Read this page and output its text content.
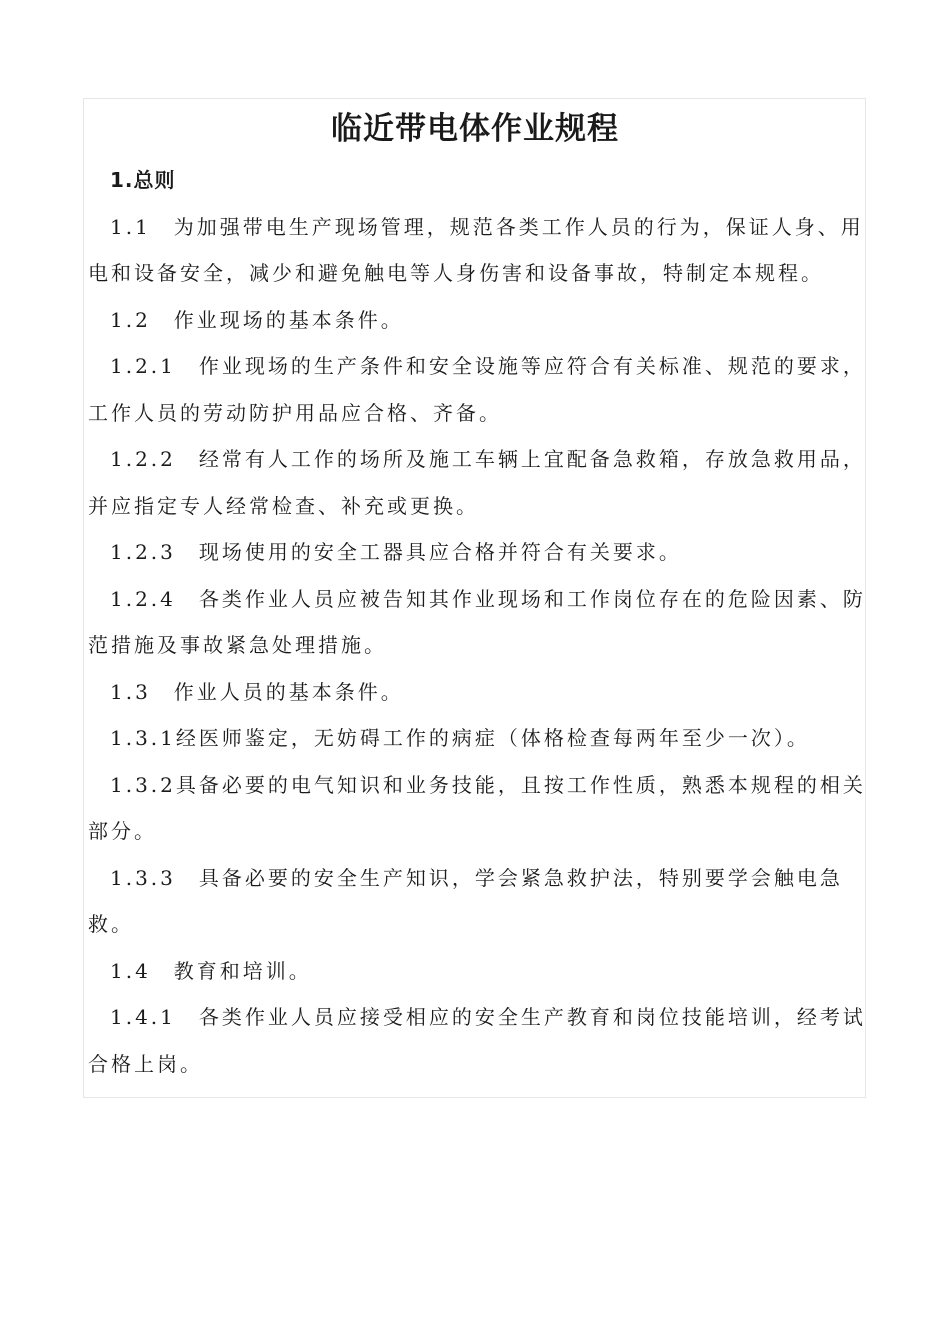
临近带电体作业规程

1.总则

1.1　为加强带电生产现场管理，规范各类工作人员的行为，保证人身、用电和设备安全，减少和避免触电等人身伤害和设备事故，特制定本规程。

1.2　作业现场的基本条件。

1.2.1　作业现场的生产条件和安全设施等应符合有关标准、规范的要求，工作人员的劳动防护用品应合格、齐备。

1.2.2　经常有人工作的场所及施工车辆上宜配备急救箱，存放急救用品，并应指定专人经常检查、补充或更换。

1.2.3　现场使用的安全工器具应合格并符合有关要求。

1.2.4　各类作业人员应被告知其作业现场和工作岗位存在的危险因素、防范措施及事故紧急处理措施。

1.3　作业人员的基本条件。

1.3.1经医师鉴定，无妨碍工作的病症（体格检查每两年至少一次）。

1.3.2具备必要的电气知识和业务技能，且按工作性质，熟悉本规程的相关部分。

1.3.3　具备必要的安全生产知识，学会紧急救护法，特别要学会触电急救。

1.4　教育和培训。

1.4.1　各类作业人员应接受相应的安全生产教育和岗位技能培训，经考试合格上岗。
